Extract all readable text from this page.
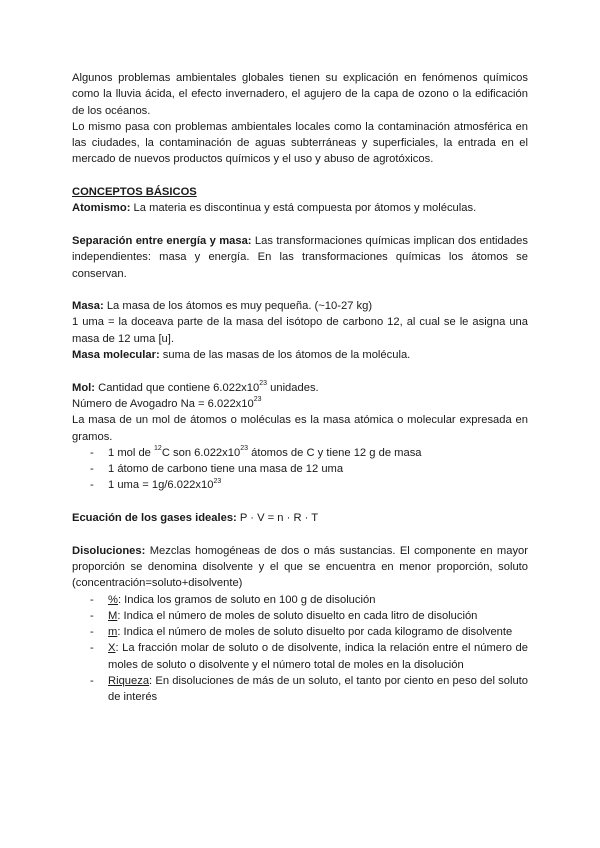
Algunos problemas ambientales globales tienen su explicación en fenómenos químicos como la lluvia ácida, el efecto invernadero, el agujero de la capa de ozono o la edificación de los océanos.

Lo mismo pasa con problemas ambientales locales como la contaminación atmosférica en las ciudades, la contaminación de aguas subterráneas y superficiales, la entrada en el mercado de nuevos productos químicos y el uso y abuso de agrotóxicos.

CONCEPTOS BÁSICOS

Atomismo: La materia es discontinua y está compuesta por átomos y moléculas.

Separación entre energía y masa: Las transformaciones químicas implican dos entidades independientes: masa y energía. En las transformaciones químicas los átomos se conservan.

Masa: La masa de los átomos es muy pequeña. (~10-27 kg)

1 uma = la doceava parte de la masa del isótopo de carbono 12, al cual se le asigna una masa de 12 uma [u].

Masa molecular: suma de las masas de los átomos de la molécula.

Mol: Cantidad que contiene $6.022x10^{23}$ unidades.

Número de Avogadro $Na = 6.022x10^{23}$

La masa de un mol de átomos o moléculas es la masa atómica o molecular expresada en gramos.

- 1 mol de $^{12}$C son $6.022x10^{23}$ átomos de C y tiene 12 g de masa
- 1 átomo de carbono tiene una masa de 12 uma
- 1 uma = $1g/6.022x10^{23}$

Ecuación de los gases ideales: P · V = n · R · T

Disoluciones: Mezclas homogéneas de dos o más sustancias. El componente en mayor proporción se denomina disolvente y el que se encuentra en menor proporción, soluto (concentración=soluto+disolvente)

- %: Indica los gramos de soluto en 100 g de disolución
- M: Indica el número de moles de soluto disuelto en cada litro de disolución
- m: Indica el número de moles de soluto disuelto por cada kilogramo de disolvente
- X: La fracción molar de soluto o de disolvente, indica la relación entre el número de moles de soluto o disolvente y el número total de moles en la disolución
- Riqueza: En disoluciones de más de un soluto, el tanto por ciento en peso del soluto de interés
